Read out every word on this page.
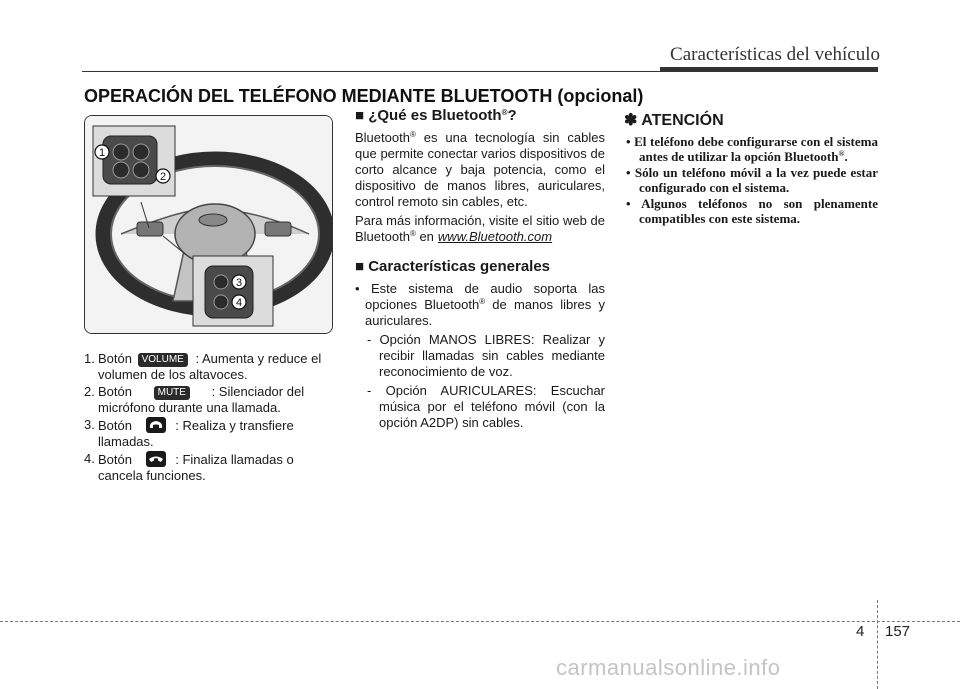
Características del vehículo
OPERACIÓN DEL TELÉFONO MEDIANTE BLUETOOTH (opcional)
1
2
3
4
1. Botón VOLUME : Aumenta y reduce el
volumen de los altavoces.
2. Botón	MUTE : Silenciador del
micrófono durante una llamada.
3. Botón	: Realiza y transfiere
llamadas.
4. Botón	: Finaliza llamadas o
cancela funciones.
■ ¿Qué es Bluetooth®?

Bluetooth® es una tecnología sin cables que permite conectar varios dispositivos de corto alcance y baja potencia, como el dispositivo de manos libres, auriculares, control remoto sin cables, etc.

Para más información, visite el sitio web de Bluetooth® en www.Bluetooth.com

■ Características generales

• Este sistema de audio soporta las opciones Bluetooth® de manos libres y auriculares.

- Opción MANOS LIBRES: Realizar y recibir llamadas sin cables mediante reconocimiento de voz.

- Opción AURICULARES: Escuchar música por el teléfono móvil (con la opción A2DP) sin cables.

✽ ATENCIÓN
• El teléfono debe configurarse con el sistema antes de utilizar la opción Bluetooth®.
• Sólo un teléfono móvil a la vez puede estar configurado con el sistema.
• Algunos teléfonos no son plenamente compatibles con este sistema.
4 157
carmanualsonline.info
